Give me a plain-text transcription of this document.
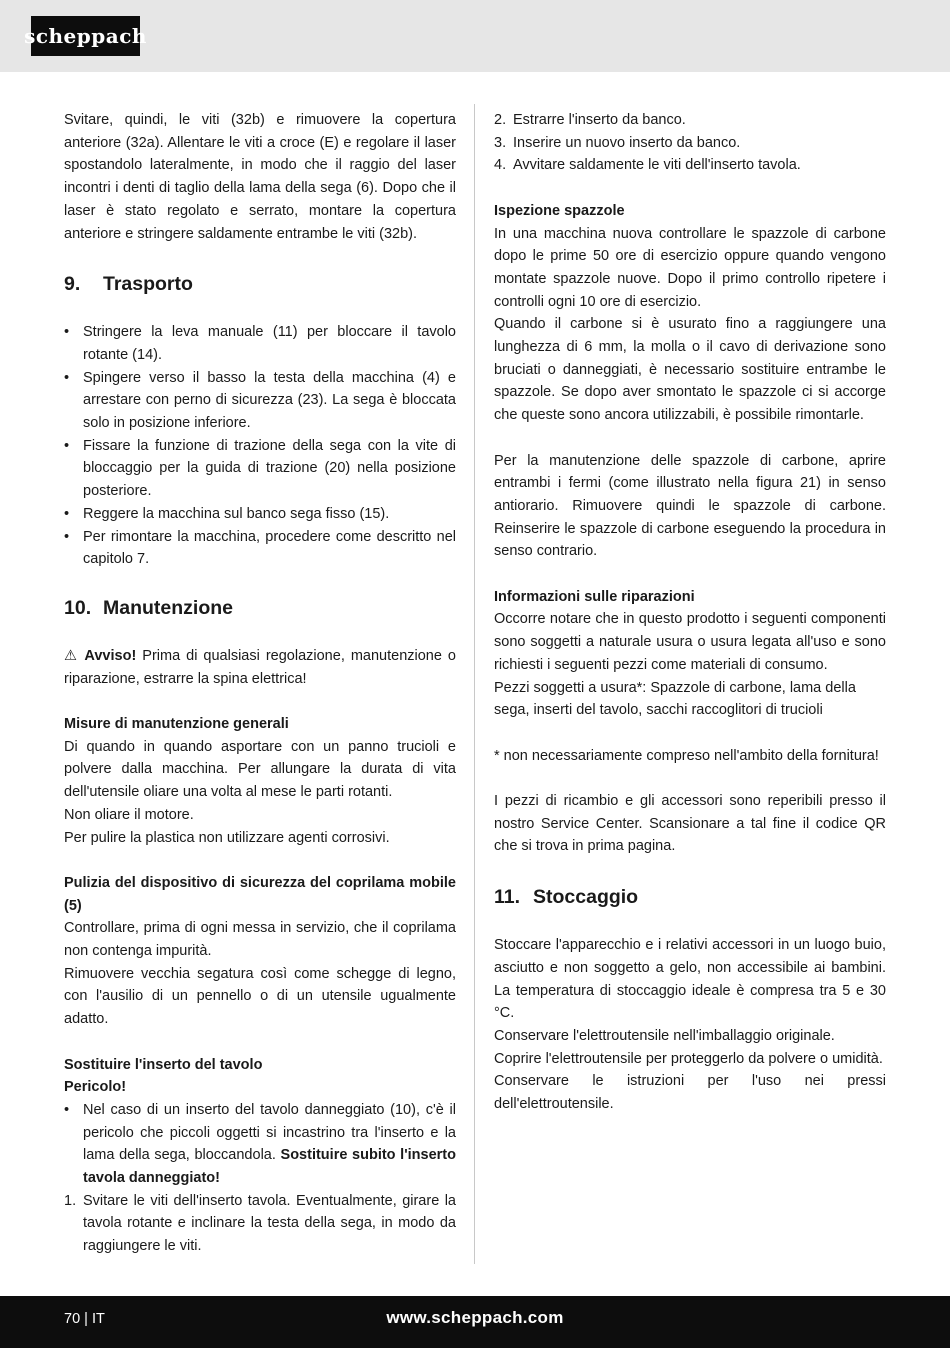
scheppach

Svitare, quindi, le viti (32b) e rimuovere la copertura anteriore (32a). Allentare le viti a croce (E) e regolare il laser spostandolo lateralmente, in modo che il raggio del laser incontri i denti di taglio della lama della sega (6). Dopo che il laser è stato regolato e serrato, montare la copertura anteriore e stringere saldamente entrambe le viti (32b).

9.	Trasporto
• Stringere la leva manuale (11) per bloccare il tavolo rotante (14).
• Spingere verso il basso la testa della macchina (4) e arrestare con perno di sicurezza (23). La sega è bloccata solo in posizione inferiore.
• Fissare la funzione di trazione della sega con la vite di bloccaggio per la guida di trazione (20) nella posizione posteriore.
• Reggere la macchina sul banco sega fisso (15).
• Per rimontare la macchina, procedere come descritto nel capitolo 7.
10. Manutenzione

⚠ Avviso! Prima di qualsiasi regolazione, manutenzione o riparazione, estrarre la spina elettrica!

Misure di manutenzione generali

Di quando in quando asportare con un panno trucioli e polvere dalla macchina. Per allungare la durata di vita dell'utensile oliare una volta al mese le parti rotanti.

Non oliare il motore.

Per pulire la plastica non utilizzare agenti corrosivi.

Pulizia del dispositivo di sicurezza del coprilama mobile (5)

Controllare, prima di ogni messa in servizio, che il coprilama non contenga impurità.

Rimuovere vecchia segatura così come schegge di legno, con l'ausilio di un pennello o di un utensile ugualmente adatto.

Sostituire l'inserto del tavolo

Pericolo!

• Nel caso di un inserto del tavolo danneggiato (10), c'è il pericolo che piccoli oggetti si incastrino tra l'inserto e la lama della sega, bloccandola. Sostituire subito l'inserto tavola danneggiato!
1. Svitare le viti dell'inserto tavola. Eventualmente, girare la tavola rotante e inclinare la testa della sega, in modo da raggiungere le viti.
2. Estrarre l'inserto da banco.
3. Inserire un nuovo inserto da banco.
4. Avvitare saldamente le viti dell'inserto tavola.

Ispezione spazzole

In una macchina nuova controllare le spazzole di carbone dopo le prime 50 ore di esercizio oppure quando vengono montate spazzole nuove. Dopo il primo controllo ripetere i controlli ogni 10 ore di esercizio.

Quando il carbone si è usurato fino a raggiungere una lunghezza di 6 mm, la molla o il cavo di derivazione sono bruciati o danneggiati, è necessario sostituire entrambe le spazzole. Se dopo aver smontato le spazzole ci si accorge che queste sono ancora utilizzabili, è possibile rimontarle.

Per la manutenzione delle spazzole di carbone, aprire entrambi i fermi (come illustrato nella figura 21) in senso antiorario. Rimuovere quindi le spazzole di carbone. Reinserire le spazzole di carbone eseguendo la procedura in senso contrario.

Informazioni sulle riparazioni

Occorre notare che in questo prodotto i seguenti componenti sono soggetti a naturale usura o usura legata all'uso e sono richiesti i seguenti pezzi come materiali di consumo.

Pezzi soggetti a usura*: Spazzole di carbone, lama della sega, inserti del tavolo, sacchi raccoglitori di trucioli

* non necessariamente compreso nell'ambito della fornitura!

I pezzi di ricambio e gli accessori sono reperibili presso il nostro Service Center. Scansionare a tal fine il codice QR che si trova in prima pagina.

11. Stoccaggio

Stoccare l'apparecchio e i relativi accessori in un luogo buio, asciutto e non soggetto a gelo, non accessibile ai bambini. La temperatura di stoccaggio ideale è compresa tra 5 e 30 °C.

Conservare l'elettroutensile nell'imballaggio originale.

Coprire l'elettroutensile per proteggerlo da polvere o umidità.

Conservare le istruzioni per l'uso nei pressi dell'elettroutensile.

70 | IT	www.scheppach.com
